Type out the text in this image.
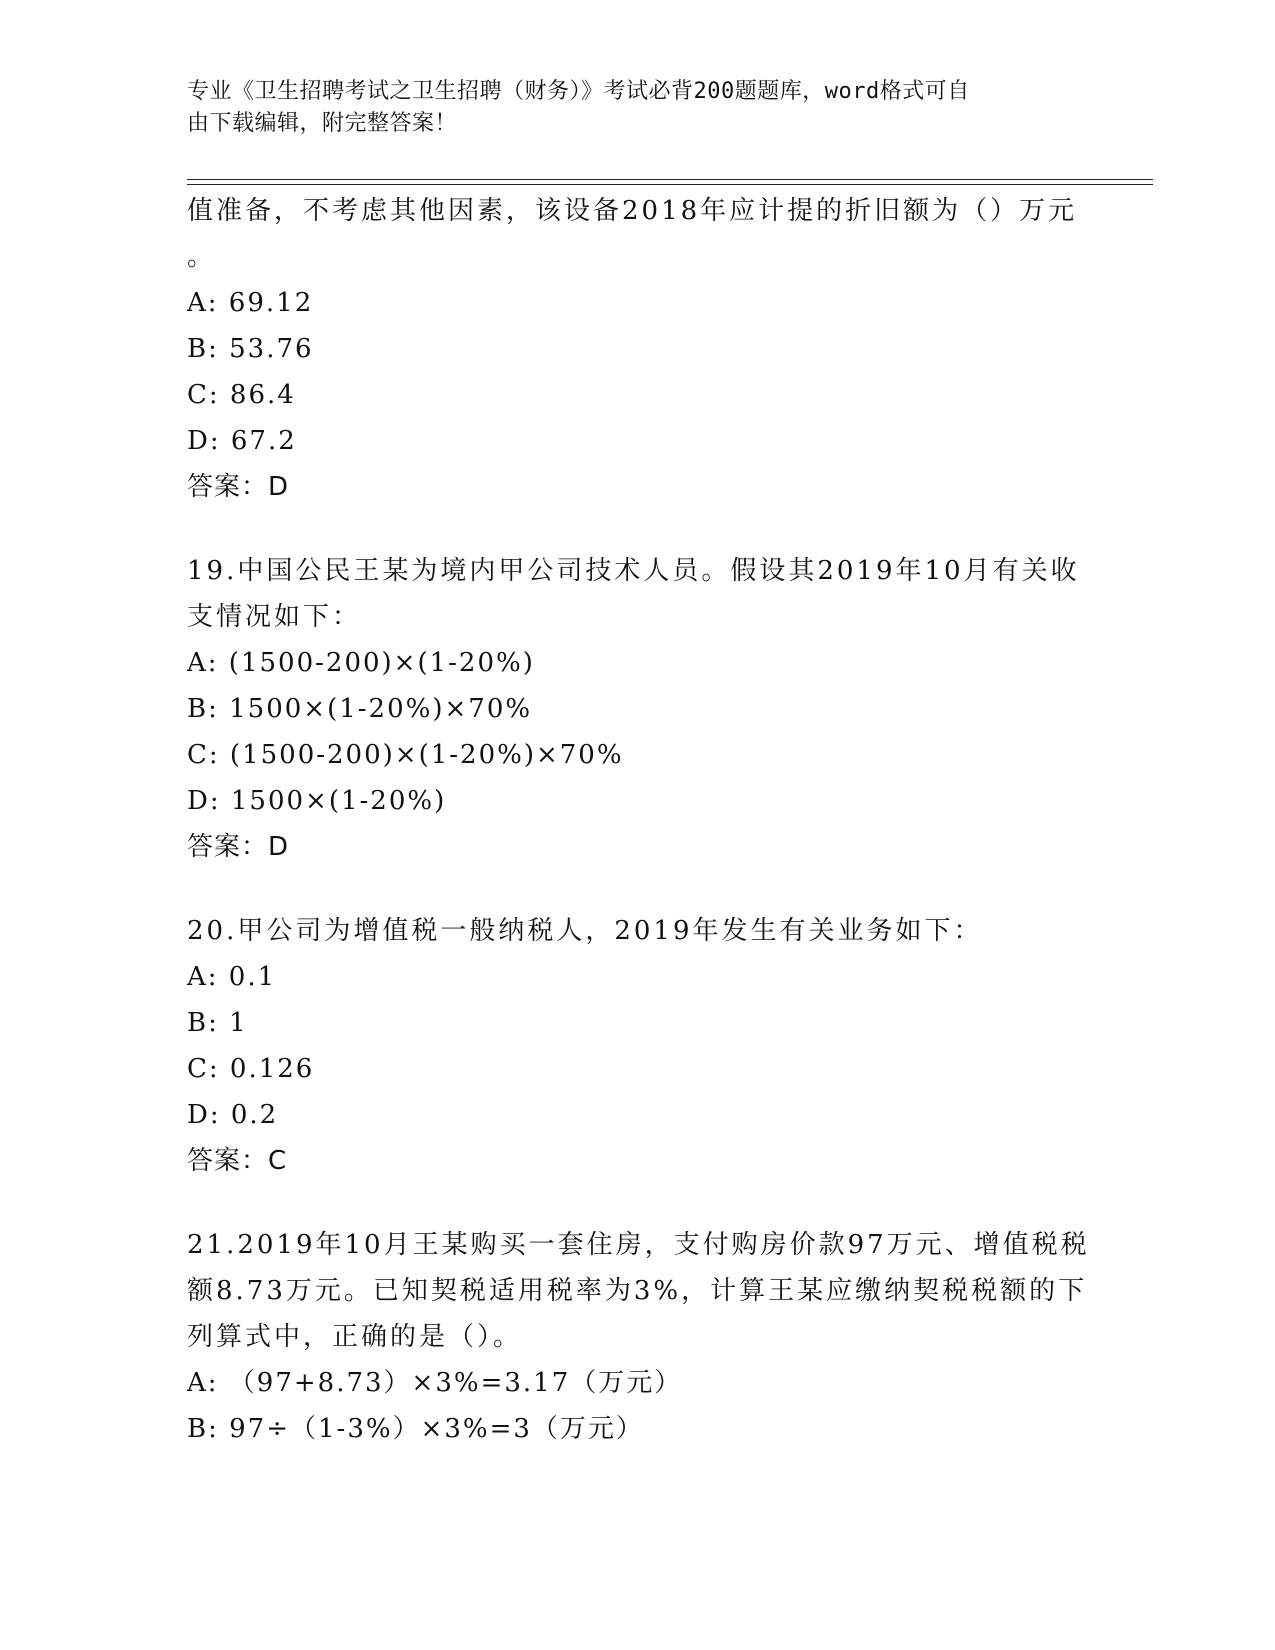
专业《卫生招聘考试之卫生招聘（财务）》考试必背200题题库，word格式可自
由下载编辑，附完整答案！
值准备，不考虑其他因素，该设备2018年应计提的折旧额为（）万元
。
A: 69.12
B: 53.76
C: 86.4
D: 67.2
答案：D
19.中国公民王某为境内甲公司技术人员。假设其2019年10月有关收
支情况如下：
A: (1500-200)×(1-20%)
B: 1500×(1-20%)×70%
C: (1500-200)×(1-20%)×70%
D: 1500×(1-20%)
答案：D
20.甲公司为增值税一般纳税人，2019年发生有关业务如下：
A: 0.1
B: 1
C: 0.126
D: 0.2
答案：C
21.2019年10月王某购买一套住房，支付购房价款97万元、增值税税
额8.73万元。已知契税适用税率为3%，计算王某应缴纳契税税额的下
列算式中，正确的是（）。
A: （97+8.73）×3%=3.17（万元）
B: 97÷（1-3%）×3%=3（万元）
